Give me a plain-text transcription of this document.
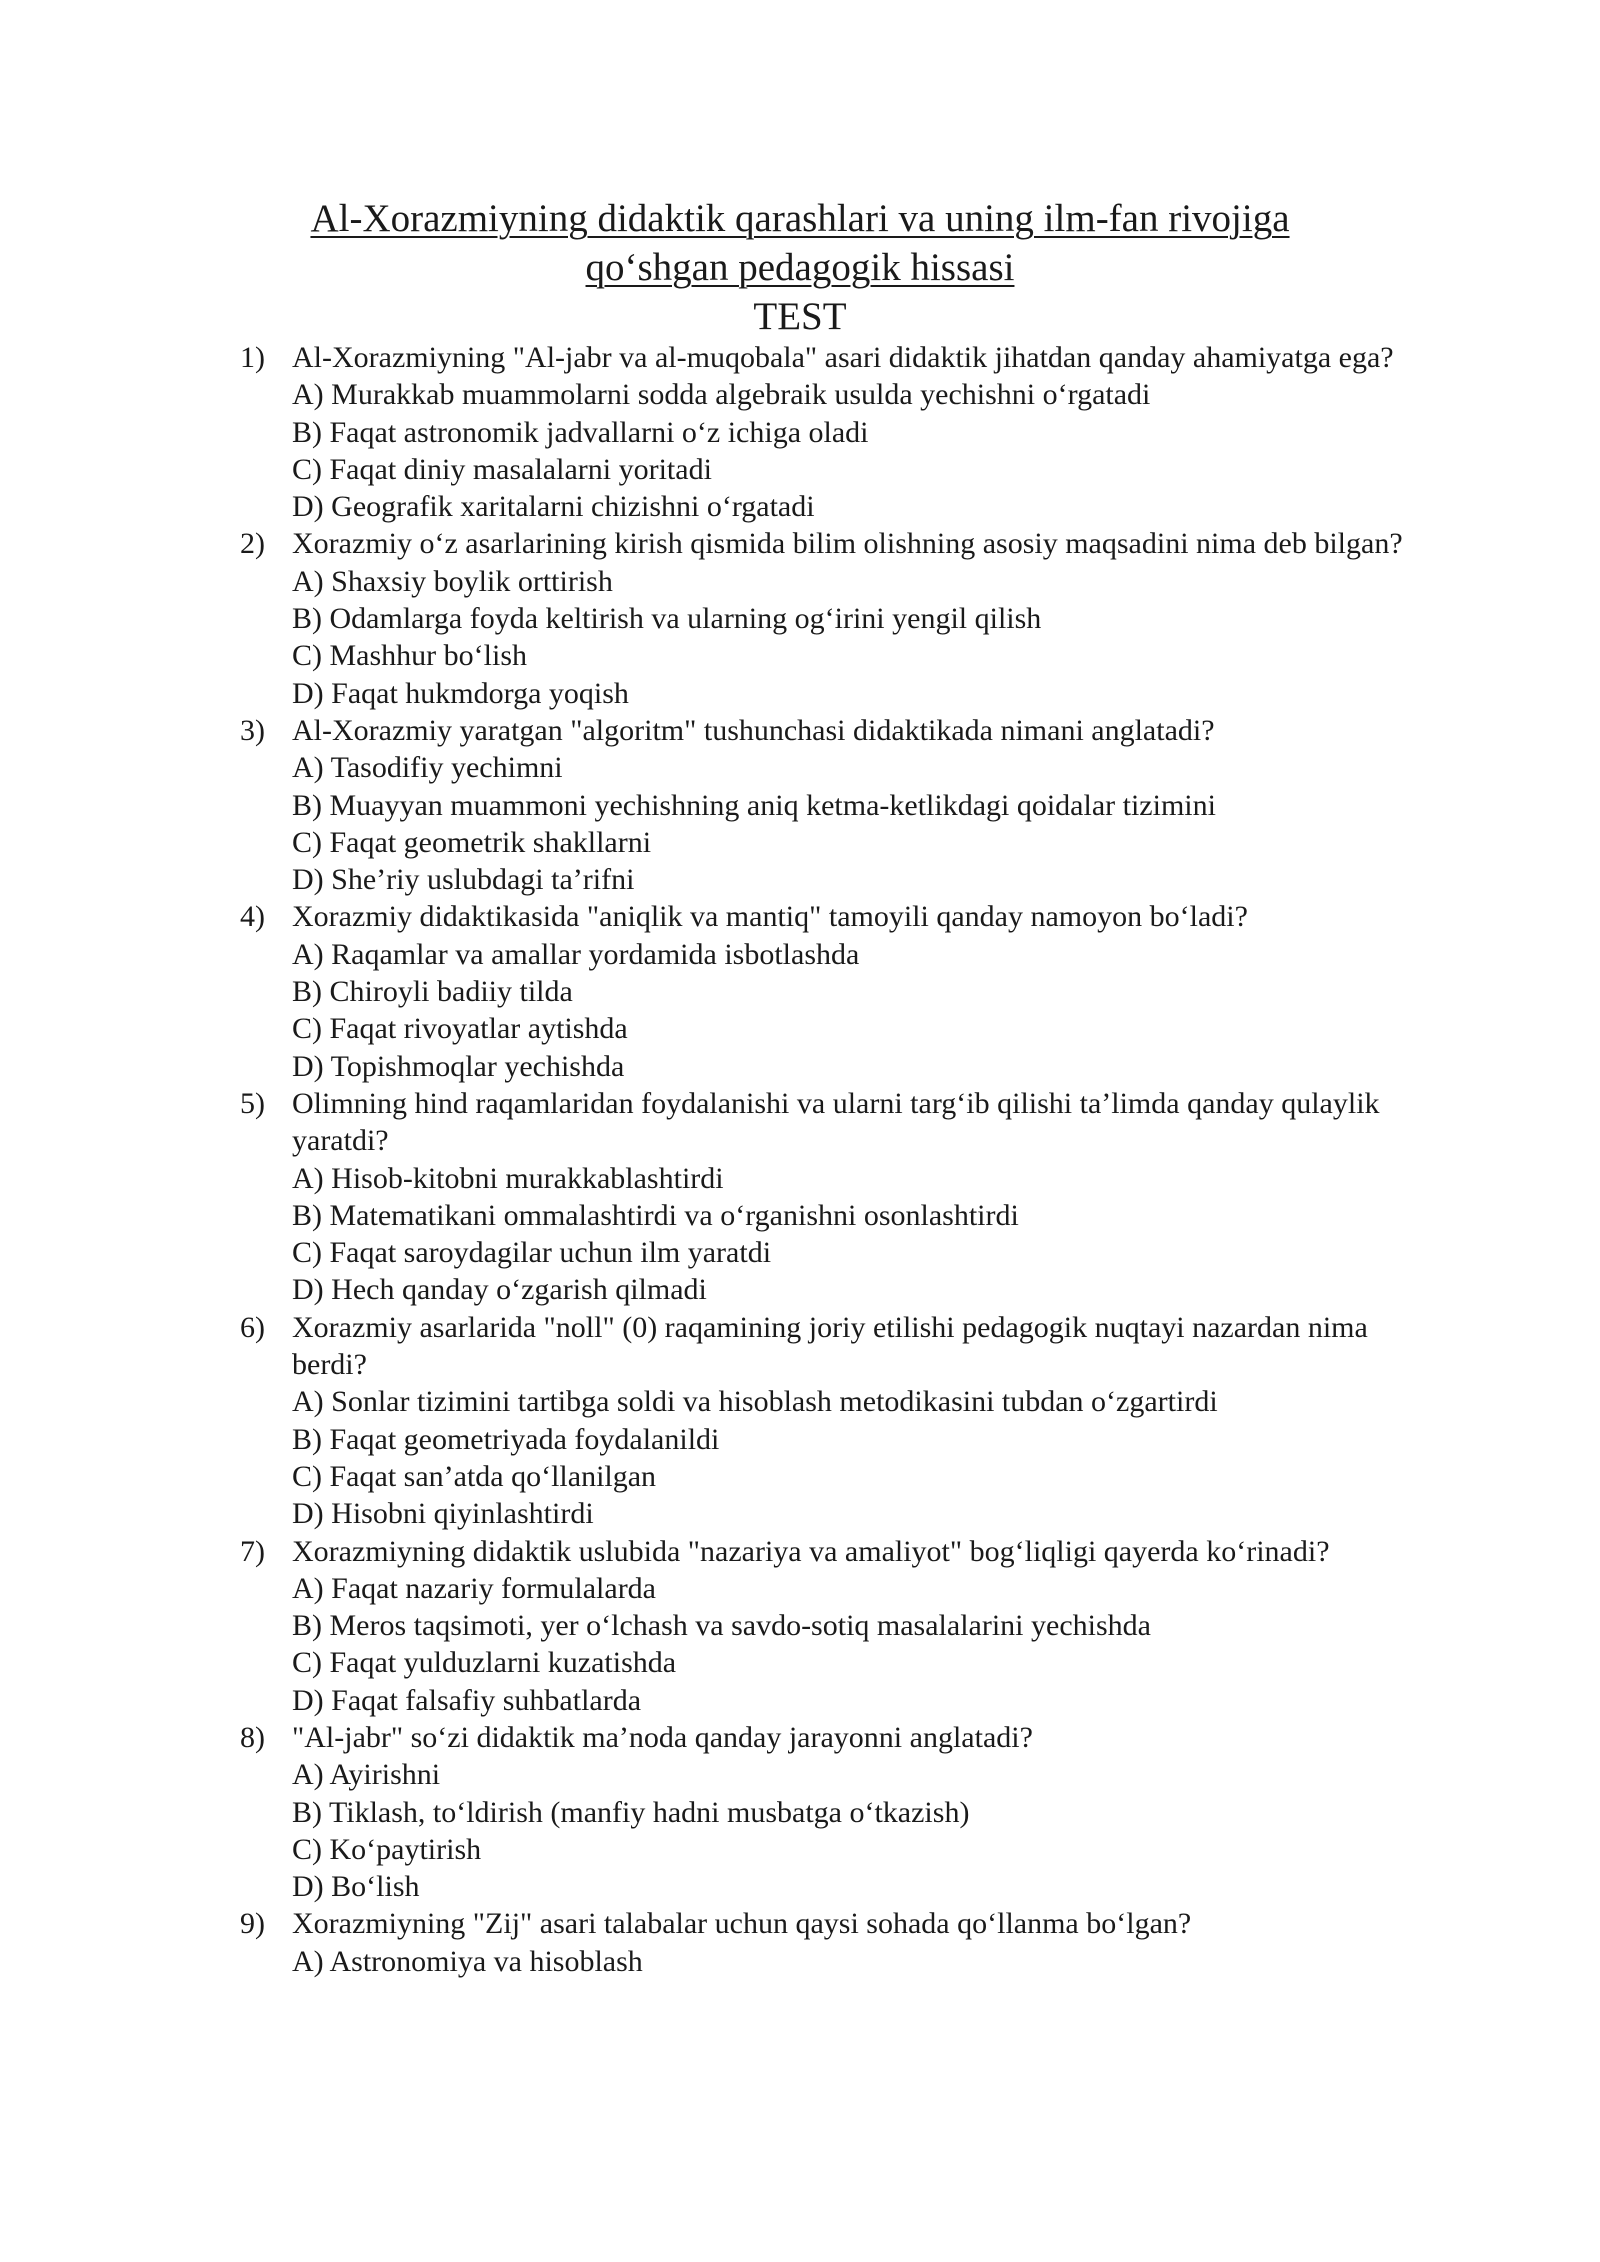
Al-Xorazmiyning didaktik qarashlari va uning ilm-fan rivojiga

qo‘shgan pedagogik hissasi

TEST

1) Al-Xorazmiyning "Al-jabr va al-muqobala" asari didaktik jihatdan qanday ahamiyatga ega?
A) Murakkab muammolarni sodda algebraik usulda yechishni o‘rgatadi
B) Faqat astronomik jadvallarni o‘z ichiga oladi
C) Faqat diniy masalalarni yoritadi
D) Geografik xaritalarni chizishni o‘rgatadi
2) Xorazmiy o‘z asarlarining kirish qismida bilim olishning asosiy maqsadini nima deb bilgan?
A) Shaxsiy boylik orttirish
B) Odamlarga foyda keltirish va ularning og‘irini yengil qilish
C) Mashhur bo‘lish
D) Faqat hukmdorga yoqish
3) Al-Xorazmiy yaratgan "algoritm" tushunchasi didaktikada nimani anglatadi?
A) Tasodifiy yechimni
B) Muayyan muammoni yechishning aniq ketma-ketlikdagi qoidalar tizimini
C) Faqat geometrik shakllarni
D) She’riy uslubdagi ta’rifni
4) Xorazmiy didaktikasida "aniqlik va mantiq" tamoyili qanday namoyon bo‘ladi?
A) Raqamlar va amallar yordamida isbotlashda
B) Chiroyli badiiy tilda
C) Faqat rivoyatlar aytishda
D) Topishmoqlar yechishda
5) Olimning hind raqamlaridan foydalanishi va ularni targ‘ib qilishi ta’limda qanday qulaylik yaratdi?
A) Hisob-kitobni murakkablashtirdi
B) Matematikani ommalashtirdi va o‘rganishni osonlashtirdi
C) Faqat saroydagilar uchun ilm yaratdi
D) Hech qanday o‘zgarish qilmadi
6) Xorazmiy asarlarida "noll" (0) raqamining joriy etilishi pedagogik nuqtayi nazardan nima berdi?
A) Sonlar tizimini tartibga soldi va hisoblash metodikasini tubdan o‘zgartirdi
B) Faqat geometriyada foydalanildi
C) Faqat san’atda qo‘llanilgan
D) Hisobni qiyinlashtirdi
7) Xorazmiyning didaktik uslubida "nazariya va amaliyot" bog‘liqligi qayerda ko‘rinadi?
A) Faqat nazariy formulalarda
B) Meros taqsimoti, yer o‘lchash va savdo-sotiq masalalarini yechishda
C) Faqat yulduzlarni kuzatishda
D) Faqat falsafiy suhbatlarda
8) "Al-jabr" so‘zi didaktik ma’noda qanday jarayonni anglatadi?
A) Ayirishni
B) Tiklash, to‘ldirish (manfiy hadni musbatga o‘tkazish)
C) Ko‘paytirish
D) Bo‘lish
9) Xorazmiyning "Zij" asari talabalar uchun qaysi sohada qo‘llanma bo‘lgan?
A) Astronomiya va hisoblash
